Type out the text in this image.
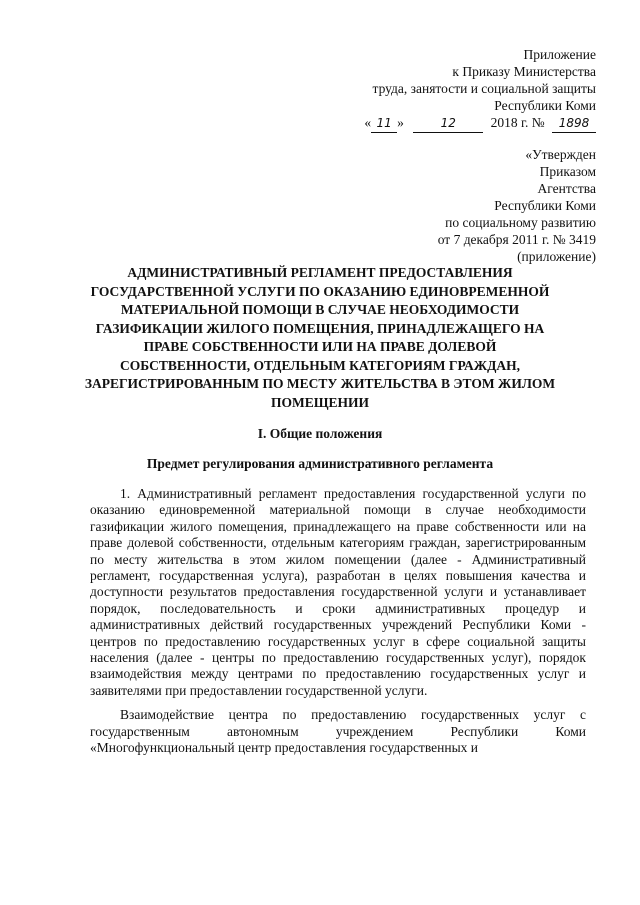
Приложение
к Приказу Министерства
труда, занятости и социальной защиты
Республики Коми
« 11 »	12	2018 г. № 1898
«Утвержден
Приказом
Агентства
Республики Коми
по социальному развитию
от 7 декабря 2011 г. № 3419
(приложение)
АДМИНИСТРАТИВНЫЙ РЕГЛАМЕНТ ПРЕДОСТАВЛЕНИЯ ГОСУДАРСТВЕННОЙ УСЛУГИ ПО ОКАЗАНИЮ ЕДИНОВРЕМЕННОЙ МАТЕРИАЛЬНОЙ ПОМОЩИ В СЛУЧАЕ НЕОБХОДИМОСТИ ГАЗИФИКАЦИИ ЖИЛОГО ПОМЕЩЕНИЯ, ПРИНАДЛЕЖАЩЕГО НА ПРАВЕ СОБСТВЕННОСТИ ИЛИ НА ПРАВЕ ДОЛЕВОЙ СОБСТВЕННОСТИ, ОТДЕЛЬНЫМ КАТЕГОРИЯМ ГРАЖДАН, ЗАРЕГИСТРИРОВАННЫМ ПО МЕСТУ ЖИТЕЛЬСТВА В ЭТОМ ЖИЛОМ ПОМЕЩЕНИИ
I. Общие положения
Предмет регулирования административного регламента

1. Административный регламент предоставления государственной услуги по оказанию единовременной материальной помощи в случае необходимости газификации жилого помещения, принадлежащего на праве собственности или на праве долевой собственности, отдельным категориям граждан, зарегистрированным по месту жительства в этом жилом помещении (далее - Административный регламент, государственная услуга), разработан в целях повышения качества и доступности результатов предоставления государственной услуги и устанавливает порядок, последовательность и сроки административных процедур и административных действий государственных учреждений Республики Коми - центров по предоставлению государственных услуг в сфере социальной защиты населения (далее - центры по предоставлению государственных услуг), порядок взаимодействия между центрами по предоставлению государственных услуг и заявителями при предоставлении государственной услуги.

Взаимодействие центра по предоставлению государственных услуг с государственным автономным учреждением Республики Коми «Многофункциональный центр предоставления государственных и
